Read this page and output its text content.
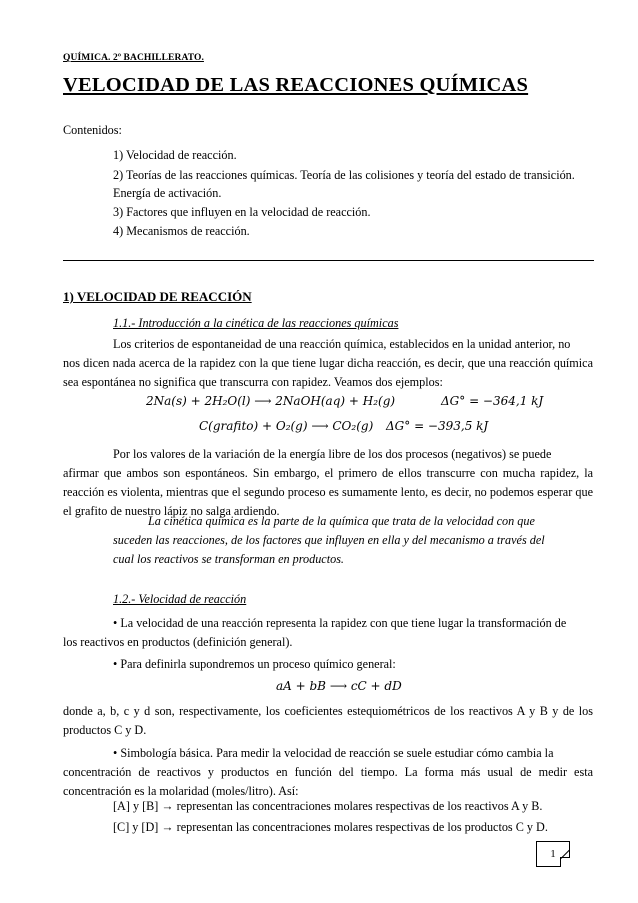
QUÍMICA. 2º BACHILLERATO.
VELOCIDAD DE LAS REACCIONES QUÍMICAS

Contenidos:

1) Velocidad de reacción.

2) Teorías de las reacciones químicas. Teoría de las colisiones y teoría del estado de transición.

Energía de activación.

3) Factores que influyen en la velocidad de reacción.

4) Mecanismos de reacción.

1) VELOCIDAD DE REACCIÓN

1.1.- Introducción a la cinética de las reacciones químicas

Los criterios de espontaneidad de una reacción química, establecidos en la unidad anterior, no

nos dicen nada acerca de la rapidez con la que tiene lugar dicha reacción, es decir, que una reacción química sea espontánea no significa que transcurra con rapidez. Veamos dos ejemplos:

2Na(s) + 2H₂O(l) ⟶ 2NaOH(aq) + H₂(g)	ΔG° = −364,1 kJ
C(grafito) + O₂(g) ⟶ CO₂(g) ΔG° = −393,5 kJ

Por los valores de la variación de la energía libre de los dos procesos (negativos) se puede

afirmar que ambos son espontáneos. Sin embargo, el primero de ellos transcurre con mucha rapidez, la reacción es violenta, mientras que el segundo proceso es sumamente lento, es decir, no podemos esperar que el grafito de nuestro lápiz no salga ardiendo.

La cinética química es la parte de la química que trata de la velocidad con que

suceden las reacciones, de los factores que influyen en ella y del mecanismo a través del cual los reactivos se transforman en productos.

1.2.- Velocidad de reacción

• La velocidad de una reacción representa la rapidez con que tiene lugar la transformación de

los reactivos en productos (definición general).

• Para definirla supondremos un proceso químico general:

aA + bB ⟶ cC + dD

donde a, b, c y d son, respectivamente, los coeficientes estequiométricos de los reactivos A y B y de los productos C y D.

• Simbología básica. Para medir la velocidad de reacción se suele estudiar cómo cambia la

concentración de reactivos y productos en función del tiempo. La forma más usual de medir esta concentración es la molaridad (moles/litro). Así:

[A] y [B] → representan las concentraciones molares respectivas de los reactivos A y B.

[C] y [D] → representan las concentraciones molares respectivas de los productos C y D.

1
